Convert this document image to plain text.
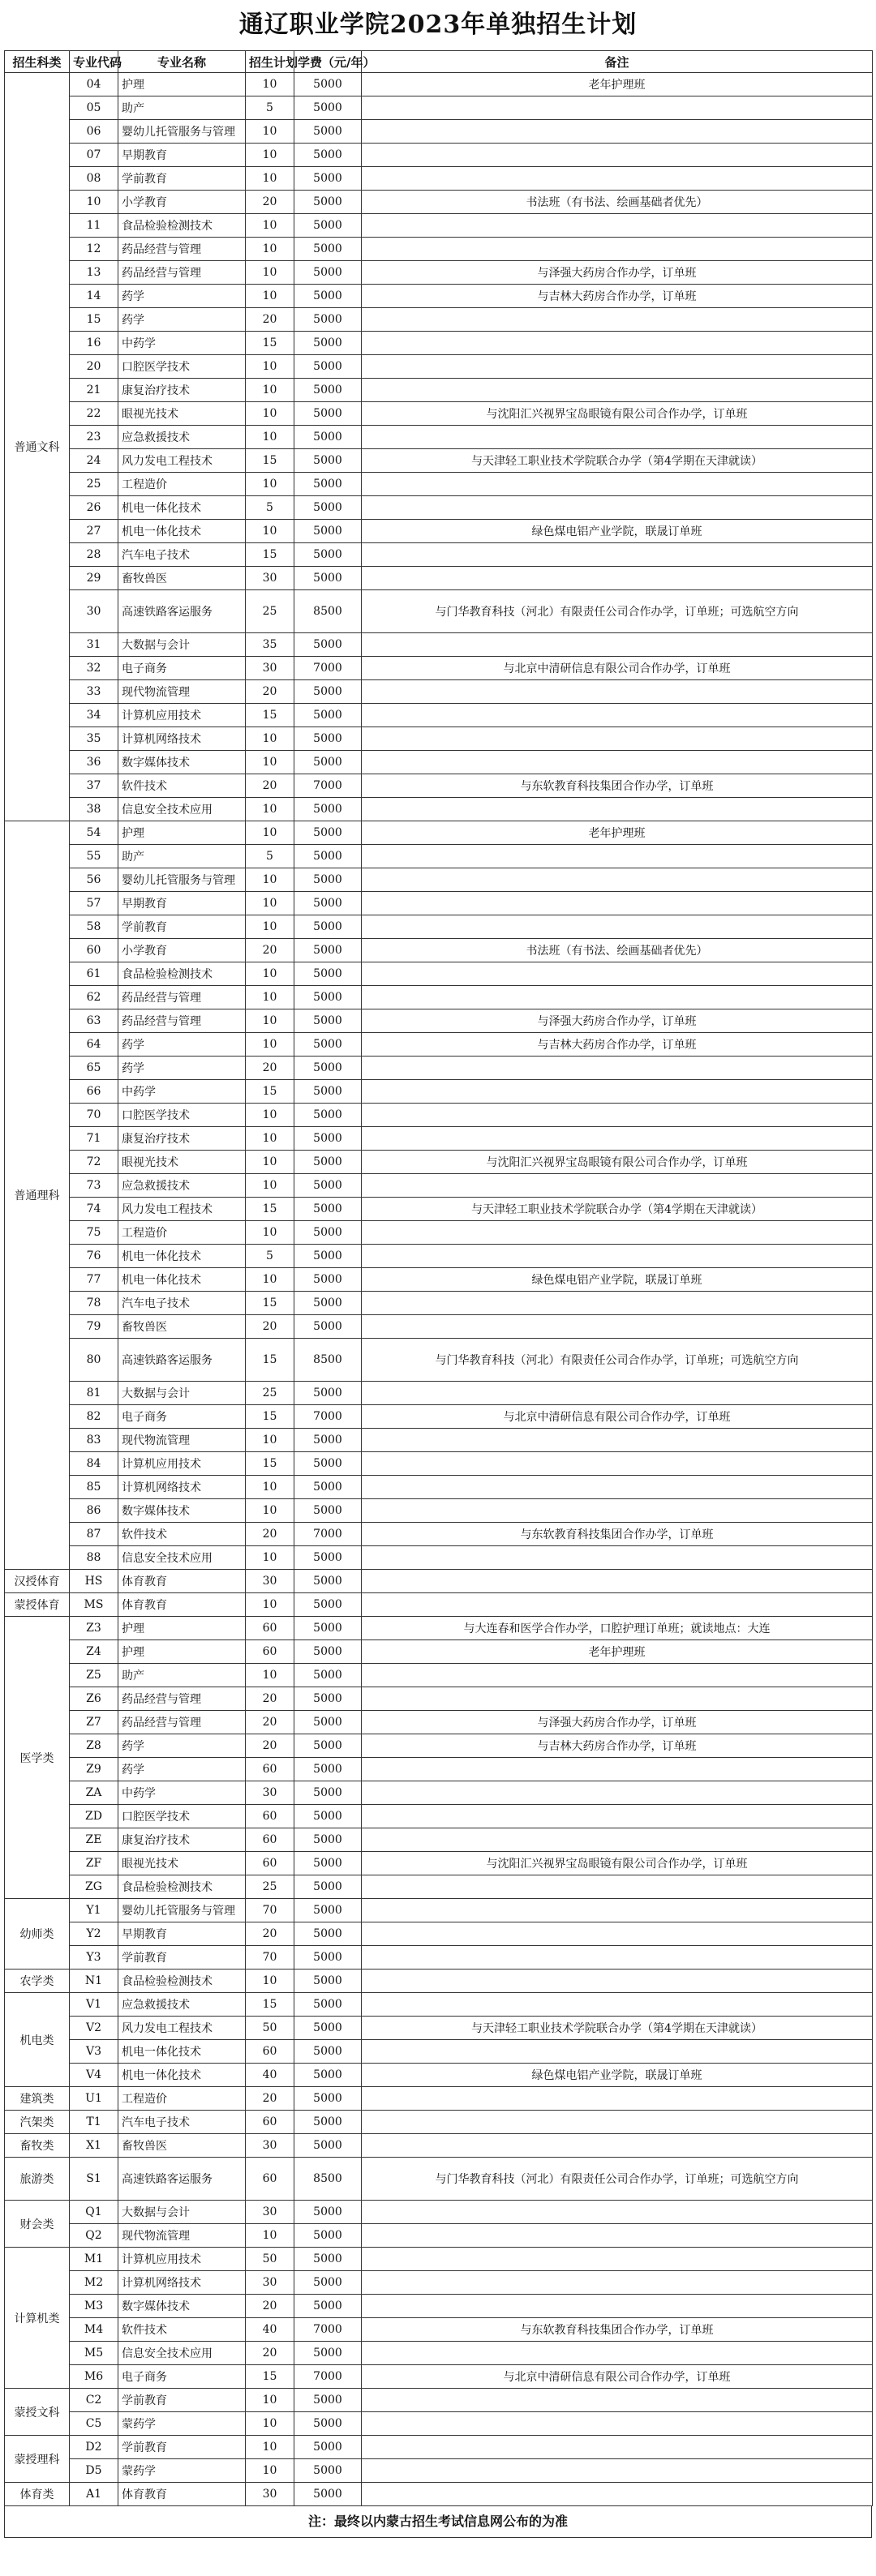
通辽职业学院2023年单独招生计划
招生科类	专业代码	专业名称	招生计划	学费（元/年）	备注
普通文科	04	护理	10	5000	老年护理班
	05	助产	5	5000	
	06	婴幼儿托管服务与管理	10	5000	
	07	早期教育	10	5000	
	08	学前教育	10	5000	
	10	小学教育	20	5000	书法班（有书法、绘画基础者优先）
	11	食品检验检测技术	10	5000	
	12	药品经营与管理	10	5000	
	13	药品经营与管理	10	5000	与泽强大药房合作办学，订单班
	14	药学	10	5000	与吉林大药房合作办学，订单班
	15	药学	20	5000	
	16	中药学	15	5000	
	20	口腔医学技术	10	5000	
	21	康复治疗技术	10	5000	
	22	眼视光技术	10	5000	与沈阳汇兴视界宝岛眼镜有限公司合作办学，订单班
	23	应急救援技术	10	5000	
	24	风力发电工程技术	15	5000	与天津轻工职业技术学院联合办学（第4学期在天津就读）
	25	工程造价	10	5000	
	26	机电一体化技术	5	5000	
	27	机电一体化技术	10	5000	绿色煤电铝产业学院，联晟订单班
	28	汽车电子技术	15	5000	
	29	畜牧兽医	30	5000	
	30	高速铁路客运服务	25	8500	与门华教育科技（河北）有限责任公司合作办学，订单班；可选航空方向
	31	大数据与会计	35	5000	
	32	电子商务	30	7000	与北京中清研信息有限公司合作办学，订单班
	33	现代物流管理	20	5000	
	34	计算机应用技术	15	5000	
	35	计算机网络技术	10	5000	
	36	数字媒体技术	10	5000	
	37	软件技术	20	7000	与东软教育科技集团合作办学，订单班
	38	信息安全技术应用	10	5000	
普通理科	54	护理	10	5000	老年护理班
	55	助产	5	5000	
	56	婴幼儿托管服务与管理	10	5000	
	57	早期教育	10	5000	
	58	学前教育	10	5000	
	60	小学教育	20	5000	书法班（有书法、绘画基础者优先）
	61	食品检验检测技术	10	5000	
	62	药品经营与管理	10	5000	
	63	药品经营与管理	10	5000	与泽强大药房合作办学，订单班
	64	药学	10	5000	与吉林大药房合作办学，订单班
	65	药学	20	5000	
	66	中药学	15	5000	
	70	口腔医学技术	10	5000	
	71	康复治疗技术	10	5000	
	72	眼视光技术	10	5000	与沈阳汇兴视界宝岛眼镜有限公司合作办学，订单班
	73	应急救援技术	10	5000	
	74	风力发电工程技术	15	5000	与天津轻工职业技术学院联合办学（第4学期在天津就读）
	75	工程造价	10	5000	
	76	机电一体化技术	5	5000	
	77	机电一体化技术	10	5000	绿色煤电铝产业学院，联晟订单班
	78	汽车电子技术	15	5000	
	79	畜牧兽医	20	5000	
	80	高速铁路客运服务	15	8500	与门华教育科技（河北）有限责任公司合作办学，订单班；可选航空方向
	81	大数据与会计	25	5000	
	82	电子商务	15	7000	与北京中清研信息有限公司合作办学，订单班
	83	现代物流管理	10	5000	
	84	计算机应用技术	15	5000	
	85	计算机网络技术	10	5000	
	86	数字媒体技术	10	5000	
	87	软件技术	20	7000	与东软教育科技集团合作办学，订单班
	88	信息安全技术应用	10	5000	
汉授体育	HS	体育教育	30	5000	
蒙授体育	MS	体育教育	10	5000	
医学类	Z3	护理	60	5000	与大连春和医学合作办学，口腔护理订单班；就读地点：大连
	Z4	护理	60	5000	老年护理班
	Z5	助产	10	5000	
	Z6	药品经营与管理	20	5000	
	Z7	药品经营与管理	20	5000	与泽强大药房合作办学，订单班
	Z8	药学	20	5000	与吉林大药房合作办学，订单班
	Z9	药学	60	5000	
	ZA	中药学	30	5000	
	ZD	口腔医学技术	60	5000	
	ZE	康复治疗技术	60	5000	
	ZF	眼视光技术	60	5000	与沈阳汇兴视界宝岛眼镜有限公司合作办学，订单班
	ZG	食品检验检测技术	25	5000	
幼师类	Y1	婴幼儿托管服务与管理	70	5000	
	Y2	早期教育	20	5000	
	Y3	学前教育	70	5000	
农学类	N1	食品检验检测技术	10	5000	
机电类	V1	应急救援技术	15	5000	
	V2	风力发电工程技术	50	5000	与天津轻工职业技术学院联合办学（第4学期在天津就读）
	V3	机电一体化技术	60	5000	
	V4	机电一体化技术	40	5000	绿色煤电铝产业学院，联晟订单班
建筑类	U1	工程造价	20	5000	
汽架类	T1	汽车电子技术	60	5000	
畜牧类	X1	畜牧兽医	30	5000	
旅游类	S1	高速铁路客运服务	60	8500	与门华教育科技（河北）有限责任公司合作办学，订单班；可选航空方向
财会类	Q1	大数据与会计	30	5000	
	Q2	现代物流管理	10	5000	
计算机类	M1	计算机应用技术	50	5000	
	M2	计算机网络技术	30	5000	
	M3	数字媒体技术	20	5000	
	M4	软件技术	40	7000	与东软教育科技集团合作办学，订单班
	M5	信息安全技术应用	20	5000	
	M6	电子商务	15	7000	与北京中清研信息有限公司合作办学，订单班
蒙授文科	C2	学前教育	10	5000	
	C5	蒙药学	10	5000	
蒙授理科	D2	学前教育	10	5000	
	D5	蒙药学	10	5000	
体育类	A1	体育教育	30	5000	
注：最终以内蒙古招生考试信息网公布的为准
